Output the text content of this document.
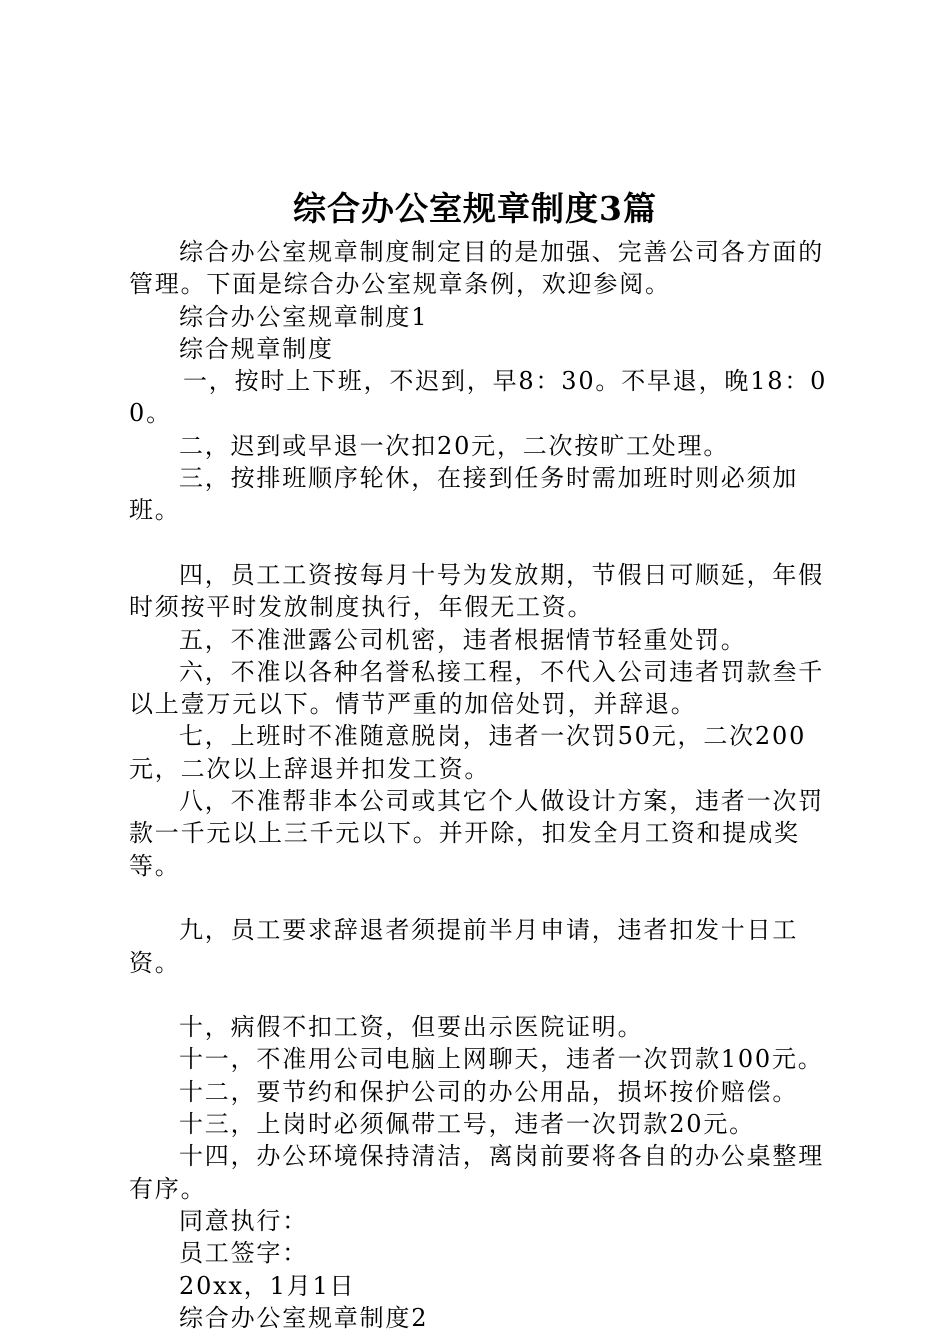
综合办公室规章制度3篇

综合办公室规章制度制定目的是加强、完善公司各方面的管理。下面是综合办公室规章条例，欢迎参阅。

综合办公室规章制度1

综合规章制度

一，按时上下班，不迟到，早8：30。不早退，晚18：00。

二，迟到或早退一次扣20元，二次按旷工处理。

三，按排班顺序轮休，在接到任务时需加班时则必须加班。

四，员工工资按每月十号为发放期，节假日可顺延，年假时须按平时发放制度执行，年假无工资。

五，不准泄露公司机密，违者根据情节轻重处罚。

六，不准以各种名誉私接工程，不代入公司违者罚款叁千以上壹万元以下。情节严重的加倍处罚，并辞退。

七，上班时不准随意脱岗，违者一次罚50元，二次200元，二次以上辞退并扣发工资。

八，不准帮非本公司或其它个人做设计方案，违者一次罚款一千元以上三千元以下。并开除，扣发全月工资和提成奖等。

九，员工要求辞退者须提前半月申请，违者扣发十日工资。

十，病假不扣工资，但要出示医院证明。

十一，不准用公司电脑上网聊天，违者一次罚款100元。

十二，要节约和保护公司的办公用品，损坏按价赔偿。

十三，上岗时必须佩带工号，违者一次罚款20元。

十四，办公环境保持清洁，离岗前要将各自的办公桌整理有序。

同意执行：

员工签字：

20xx，1月1日

综合办公室规章制度2
